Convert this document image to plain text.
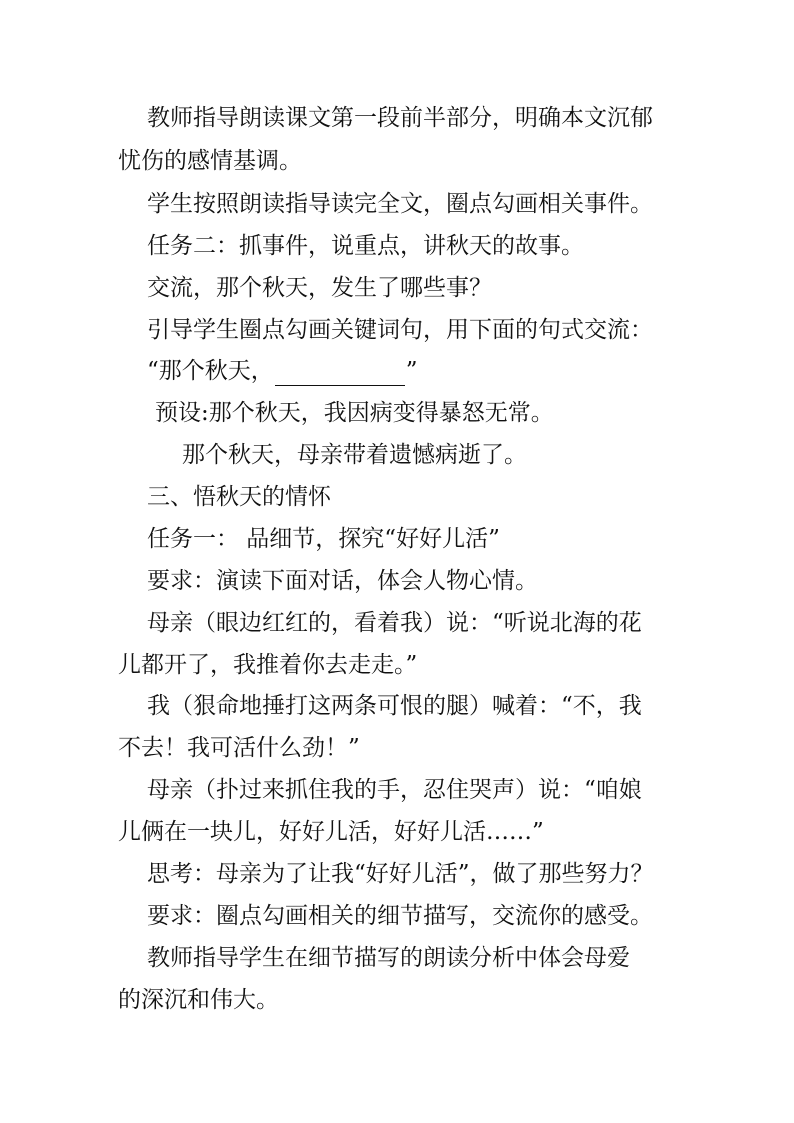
教师指导朗读课文第一段前半部分，明确本文沉郁
忧伤的感情基调。
学生按照朗读指导读完全文，圈点勾画相关事件。
任务二：抓事件，说重点，讲秋天的故事。
交流，那个秋天，发生了哪些事？
引导学生圈点勾画关键词句，用下面的句式交流：
“那个秋天，	”
预设:那个秋天，我因病变得暴怒无常。
那个秋天，母亲带着遗憾病逝了。
三、悟秋天的情怀
任务一： 品细节，探究“好好儿活”
要求：演读下面对话，体会人物心情。
母亲（眼边红红的，看着我）说：“听说北海的花
儿都开了，我推着你去走走。”
我（狠命地捶打这两条可恨的腿）喊着：“不，我
不去！我可活什么劲！”
母亲（扑过来抓住我的手，忍住哭声）说：“咱娘
儿俩在一块儿，好好儿活，好好儿活……”
思考：母亲为了让我“好好儿活”，做了那些努力？
要求：圈点勾画相关的细节描写，交流你的感受。
教师指导学生在细节描写的朗读分析中体会母爱
的深沉和伟大。
